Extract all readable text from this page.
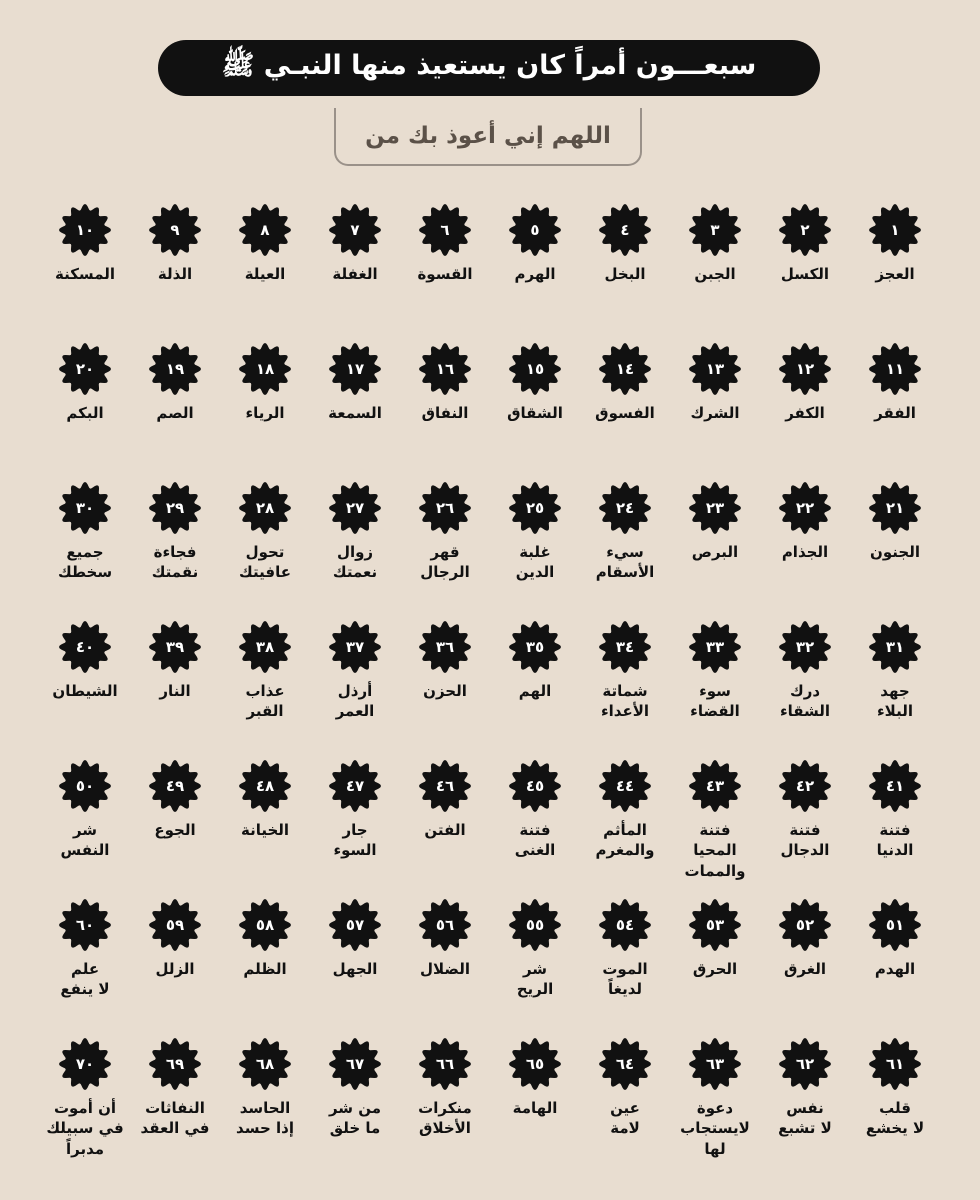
سبعـــون أمراً كان يستعيذ منها النبـي ﷺ
اللهم إني أعوذ بك من
١
العجز
٢
الكسل
٣
الجبن
٤
البخل
٥
الهرم
٦
القسوة
٧
الغفلة
٨
العيلة
٩
الذلة
١٠
المسكنة
١١
الفقر
١٢
الكفر
١٣
الشرك
١٤
الفسوق
١٥
الشقاق
١٦
النفاق
١٧
السمعة
١٨
الرياء
١٩
الصم
٢٠
البكم
٢١
الجنون
٢٢
الجذام
٢٣
البرص
٢٤
سيء
الأسقام
٢٥
غلبة
الدين
٢٦
قهر
الرجال
٢٧
زوال
نعمتك
٢٨
تحول
عافيتك
٢٩
فجاءة
نقمتك
٣٠
جميع
سخطك
٣١
جهد
البلاء
٣٢
درك
الشقاء
٣٣
سوء
القضاء
٣٤
شماتة
الأعداء
٣٥
الهم
٣٦
الحزن
٣٧
أرذل
العمر
٣٨
عذاب
القبر
٣٩
النار
٤٠
الشيطان
٤١
فتنة
الدنيا
٤٢
فتنة
الدجال
٤٣
فتنة
المحيا
والممات
٤٤
المأثم
والمغرم
٤٥
فتنة
الغنى
٤٦
الفتن
٤٧
جار
السوء
٤٨
الخيانة
٤٩
الجوع
٥٠
شر
النفس
٥١
الهدم
٥٢
الغرق
٥٣
الحرق
٥٤
الموت
لديغاً
٥٥
شر
الريح
٥٦
الضلال
٥٧
الجهل
٥٨
الظلم
٥٩
الزلل
٦٠
علم
لا ينفع
٦١
قلب
لا يخشع
٦٢
نفس
لا تشبع
٦٣
دعوة
لايستجاب
لها
٦٤
عين
لامة
٦٥
الهامة
٦٦
منكرات
الأخلاق
٦٧
من شر
ما خلق
٦٨
الحاسد
إذا حسد
٦٩
النفاثات
في العقد
٧٠
أن أموت
في سبيلك
مدبراً
